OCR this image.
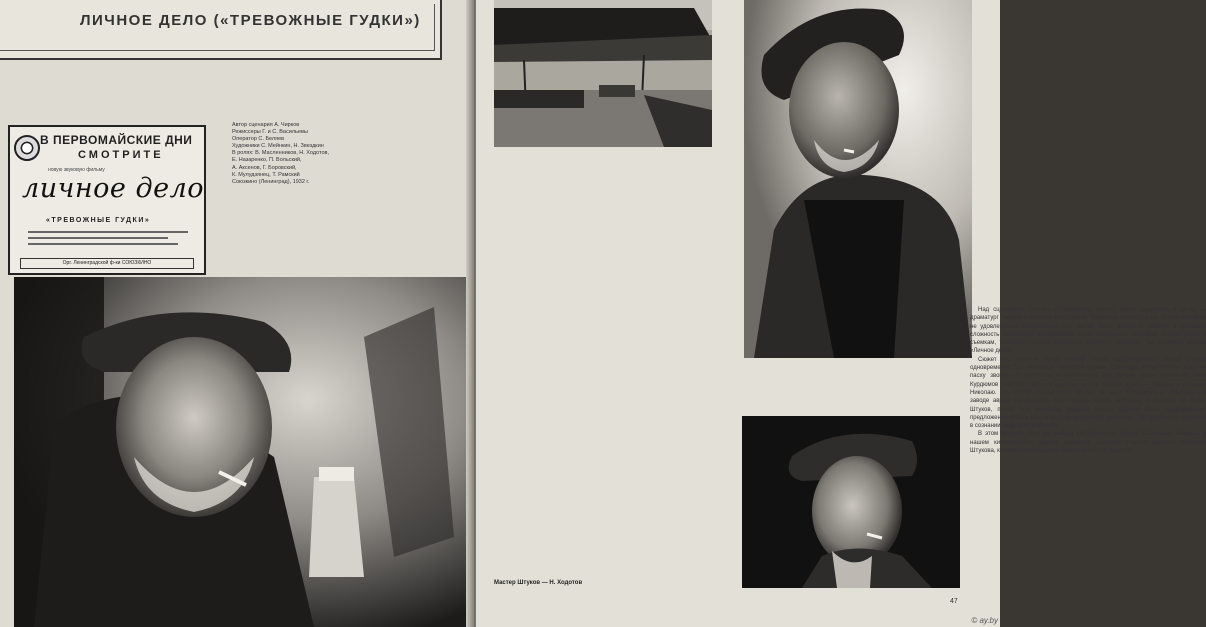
ЛИЧНОЕ ДЕЛО («ТРЕВОЖНЫЕ ГУДКИ»)
В ПЕРВОМАЙСКИЕ ДНИ
СМОТРИТЕ
новую звуковую фильму
личное дело
«ТРЕВОЖНЫЕ ГУДКИ»
Орг. Ленинградской ф-ки СОЮЗКИНО
Автор сценария А. Чирков
Режиссеры Г. и С. Васильевы
Оператор С. Беляев
Художники С. Мейнкин, Н. Звездкин
В ролях: В. Масленников, Н. Ходотов,
Е. Назаренко, П. Вольский,
А. Аксенов, Г. Боровский,
К. Мулудзянец, Т. Рамский
Союзкино (Ленинград), 1932 г.

Над сценарием «Затон» («Тревожные гудки») много трудились и автор — драматург Чирков и позднее его соавтор Толмачев. Несмотря на то что сценарий не удовлетворял Васильевых, они, желая снять фильм о рабочих и учитывая сложность положения кинофабрики, сами переписали сценарий и приступили к съемкам, торопясь отснять уходящую натуру — ледоход. Так появился фильм «Личное дело».

Сюжет его, вкратце, таков: лучший токарь судоремонтного завода Штуков одновременно был звонарем городской церкви. Однажды, когда Штуков ушел на пасху звонить в колокола, возлюбленный его дочери Анны начальник цеха Курдюмов поручает обточку судового винта своему другу — лентяю и пьянице Николаю. Тот сгубил «заморский» металл на винт. Комсомольцы объявили на заводе аврал. Необходимо было отлить новую заготовку, а металла не было. Штуков, поняв, что интересы родного завода дороже всего, поддерживает предложение отлить новый винт из церковного колокола. Так происходит перелом в сознании кадрового рабочего.

В этом фильме, еще до выхода «Встречного», братья Васильевы впервые в нашем киноискусстве удачно раскрыли характер старого русского рабочего Штукова, которого многогранно сыграл артист Н. Ходотов.

Мастер Штуков — Н. Ходотов
47
© ay.by
